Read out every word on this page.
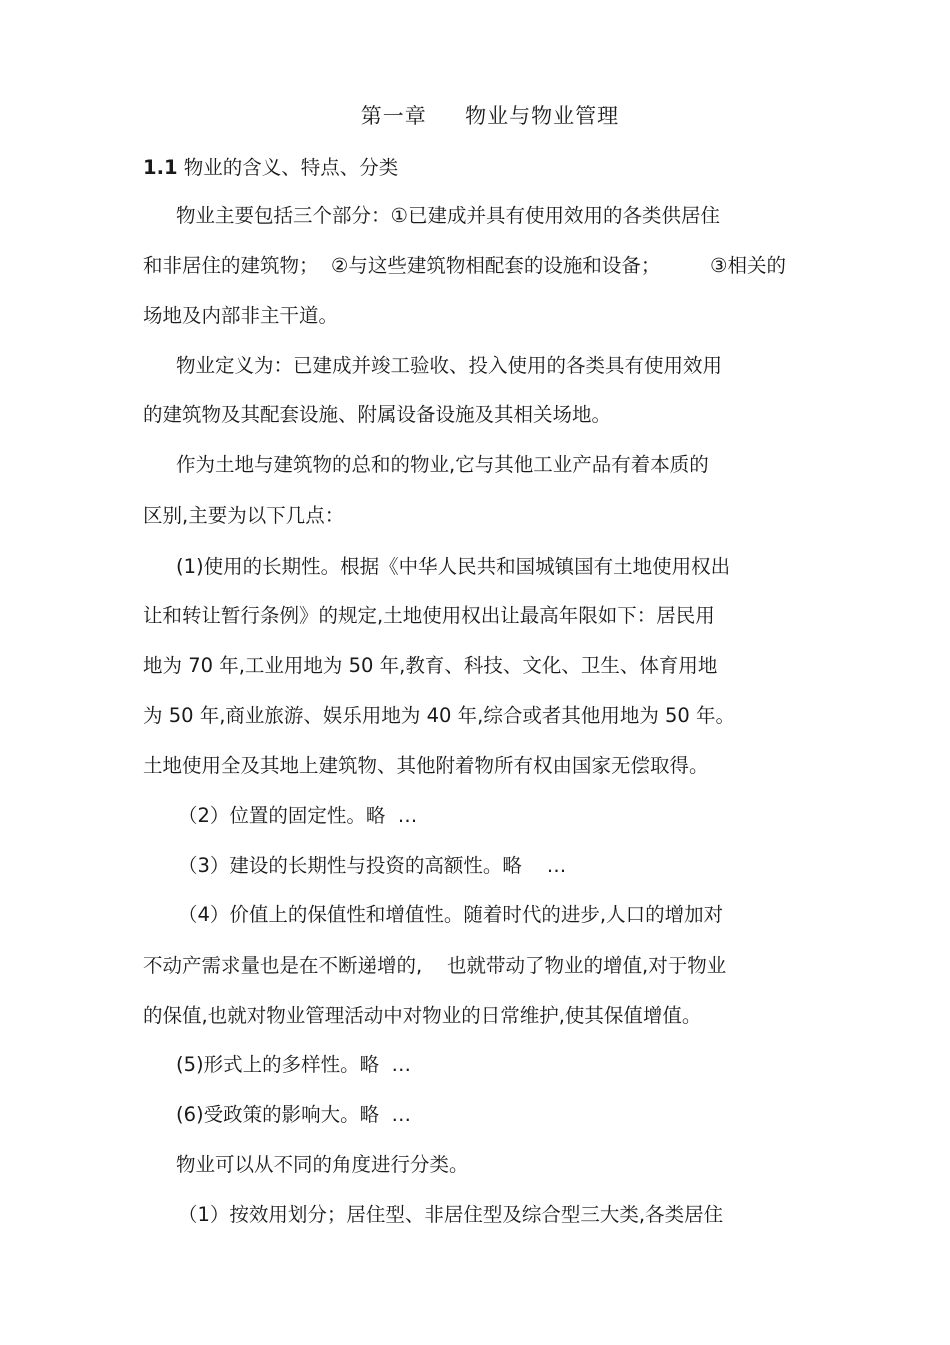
第一章     物业与物业管理
1.1 物业的含义、特点、分类
物业主要包括三个部分：①已建成并具有使用效用的各类供居住
和非居住的建筑物；  ②与这些建筑物相配套的设施和设备；        ③相关的
场地及内部非主干道。
物业定义为：已建成并竣工验收、投入使用的各类具有使用效用
的建筑物及其配套设施、附属设备设施及其相关场地。
作为土地与建筑物的总和的物业,它与其他工业产品有着本质的
区别,主要为以下几点：
(1)使用的长期性。根据《中华人民共和国城镇国有土地使用权出
让和转让暂行条例》的规定,土地使用权出让最高年限如下：居民用
地为 70 年,工业用地为 50 年,教育、科技、文化、卫生、体育用地
为 50 年,商业旅游、娱乐用地为 40 年,综合或者其他用地为 50 年。
土地使用全及其地上建筑物、其他附着物所有权由国家无偿取得。
（2）位置的固定性。略  …
（3）建设的长期性与投资的高额性。略    …
（4）价值上的保值性和增值性。随着时代的进步,人口的增加对
不动产需求量也是在不断递增的,    也就带动了物业的增值,对于物业
的保值,也就对物业管理活动中对物业的日常维护,使其保值增值。
(5)形式上的多样性。略  …
(6)受政策的影响大。略  …
物业可以从不同的角度进行分类。
（1）按效用划分；居住型、非居住型及综合型三大类,各类居住
